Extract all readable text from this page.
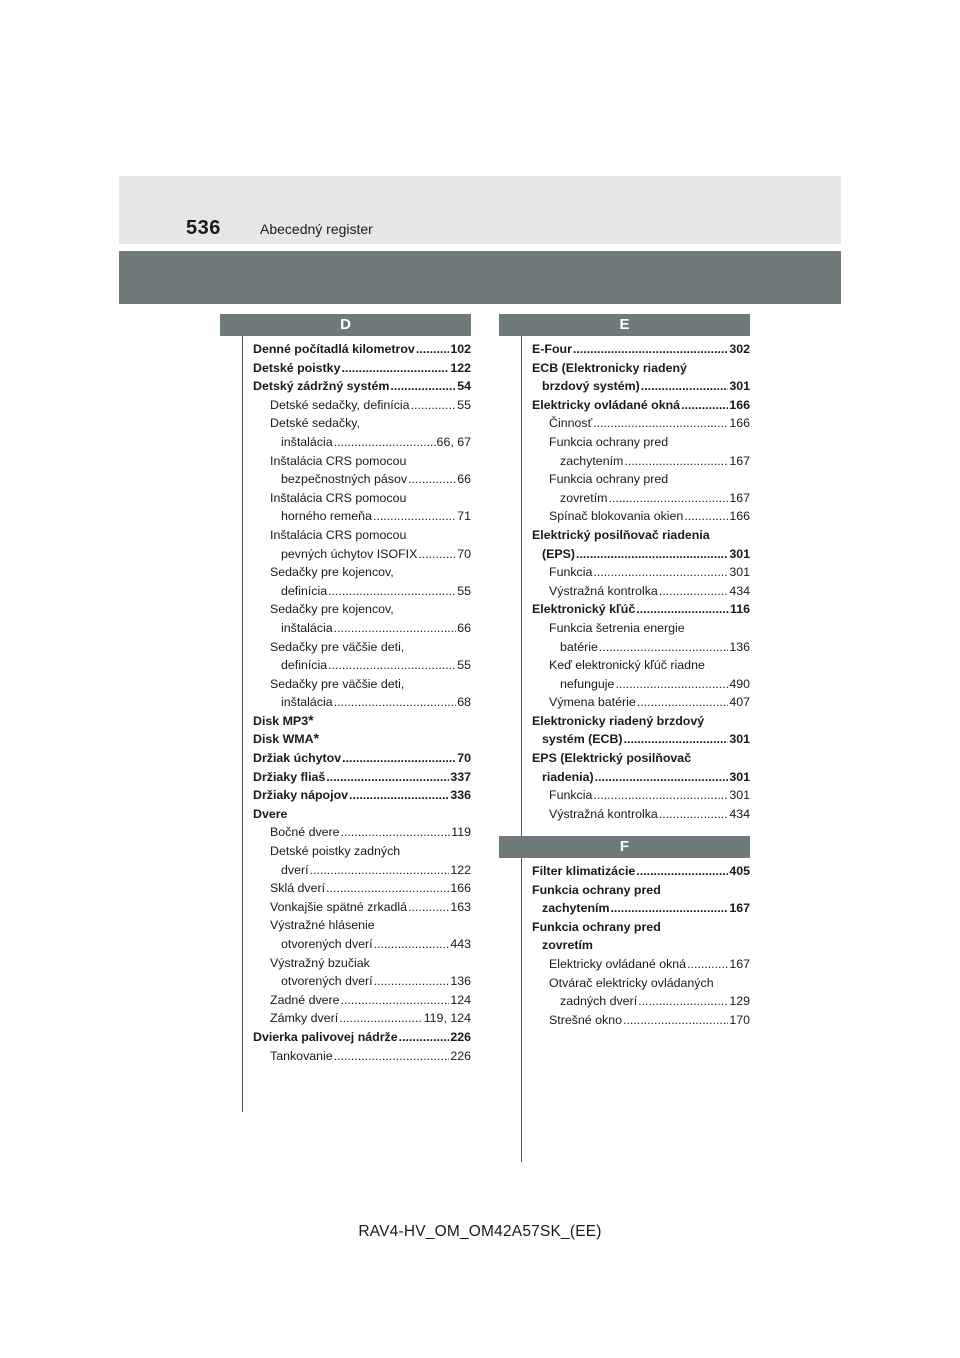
536	Abecedný register
D
Denné počítadlá kilometrov .....	102
Detské poistky .....	122
Detský zádržný systém .....	54
Detské sedačky, definícia .....	55
Detské sedačky,
inštalácia .....	66, 67
Inštalácia CRS pomocou
bezpečnostných pásov .....	66
Inštalácia CRS pomocou
horného remeňa .....	71
Inštalácia CRS pomocou
pevných úchytov ISOFIX .....	70
Sedačky pre kojencov,
definícia .....	55
Sedačky pre kojencov,
inštalácia .....	66
Sedačky pre väčšie deti,
definícia .....	55
Sedačky pre väčšie deti,
inštalácia .....	68
Disk MP3 *
Disk WMA *
Držiak úchytov .....	70
Držiaky fliaš .....	337
Držiaky nápojov .....	336
Dvere
Bočné dvere .....	119
Detské poistky zadných
dverí .....	122
Sklá dverí .....	166
Vonkajšie spätné zrkadlá .....	163
Výstražné hlásenie
otvorených dverí .....	443
Výstražný bzučiak
otvorených dverí .....	136
Zadné dvere .....	124
Zámky dverí .....	119, 124
Dvierka palivovej nádrže .....	226
Tankovanie .....	226
E
E-Four .....	302
ECB (Elektronicky riadený
brzdový systém) .....	301
Elektricky ovládané okná .....	166
Činnosť .....	166
Funkcia ochrany pred
zachytením .....	167
Funkcia ochrany pred
zovretím .....	167
Spínač blokovania okien .....	166
Elektrický posilňovač riadenia
(EPS) .....	301
Funkcia .....	301
Výstražná kontrolka .....	434
Elektronický kľúč .....	116
Funkcia šetrenia energie
batérie .....	136
Keď elektronický kľúč riadne
nefunguje .....	490
Výmena batérie .....	407
Elektronicky riadený brzdový
systém (ECB) .....	301
EPS (Elektrický posilňovač
riadenia) .....	301
Funkcia .....	301
Výstražná kontrolka .....	434
F
Filter klimatizácie .....	405
Funkcia ochrany pred
zachytením .....	167
Funkcia ochrany pred
zovretím
Elektricky ovládané okná .....	167
Otvárač elektricky ovládaných
zadných dverí .....	129
Strešné okno .....	170
RAV4-HV_OM_OM42A57SK_(EE)
